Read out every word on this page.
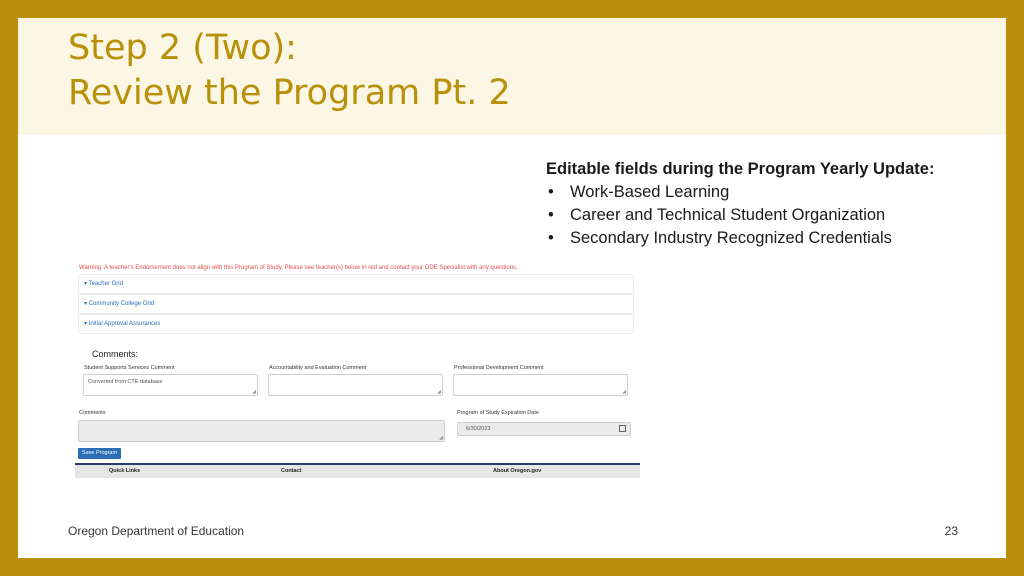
Step 2 (Two):
Review the Program Pt. 2
Editable fields during the Program Yearly Update:
• Work-Based Learning
• Career and Technical Student Organization
• Secondary Industry Recognized Credentials
Warning: A teacher's Endorsement does not align with this Program of Study. Please see teacher(s) below in red and contact your ODE Specialist with any questions.
▾ Teacher Grid
▾ Community College Grid
▾ Initial Approval Assurances
Comments:
Student Supports Services Comment
Converted from CTE database
◢
Accountability and Evaluation Comment
◢
Professional Development Comment
◢
Comments
◢
Program of Study Expiration Date
6/30/2023
Save Program
Quick Links	Contact	About Oregon.gov
Oregon Department of Education	23
